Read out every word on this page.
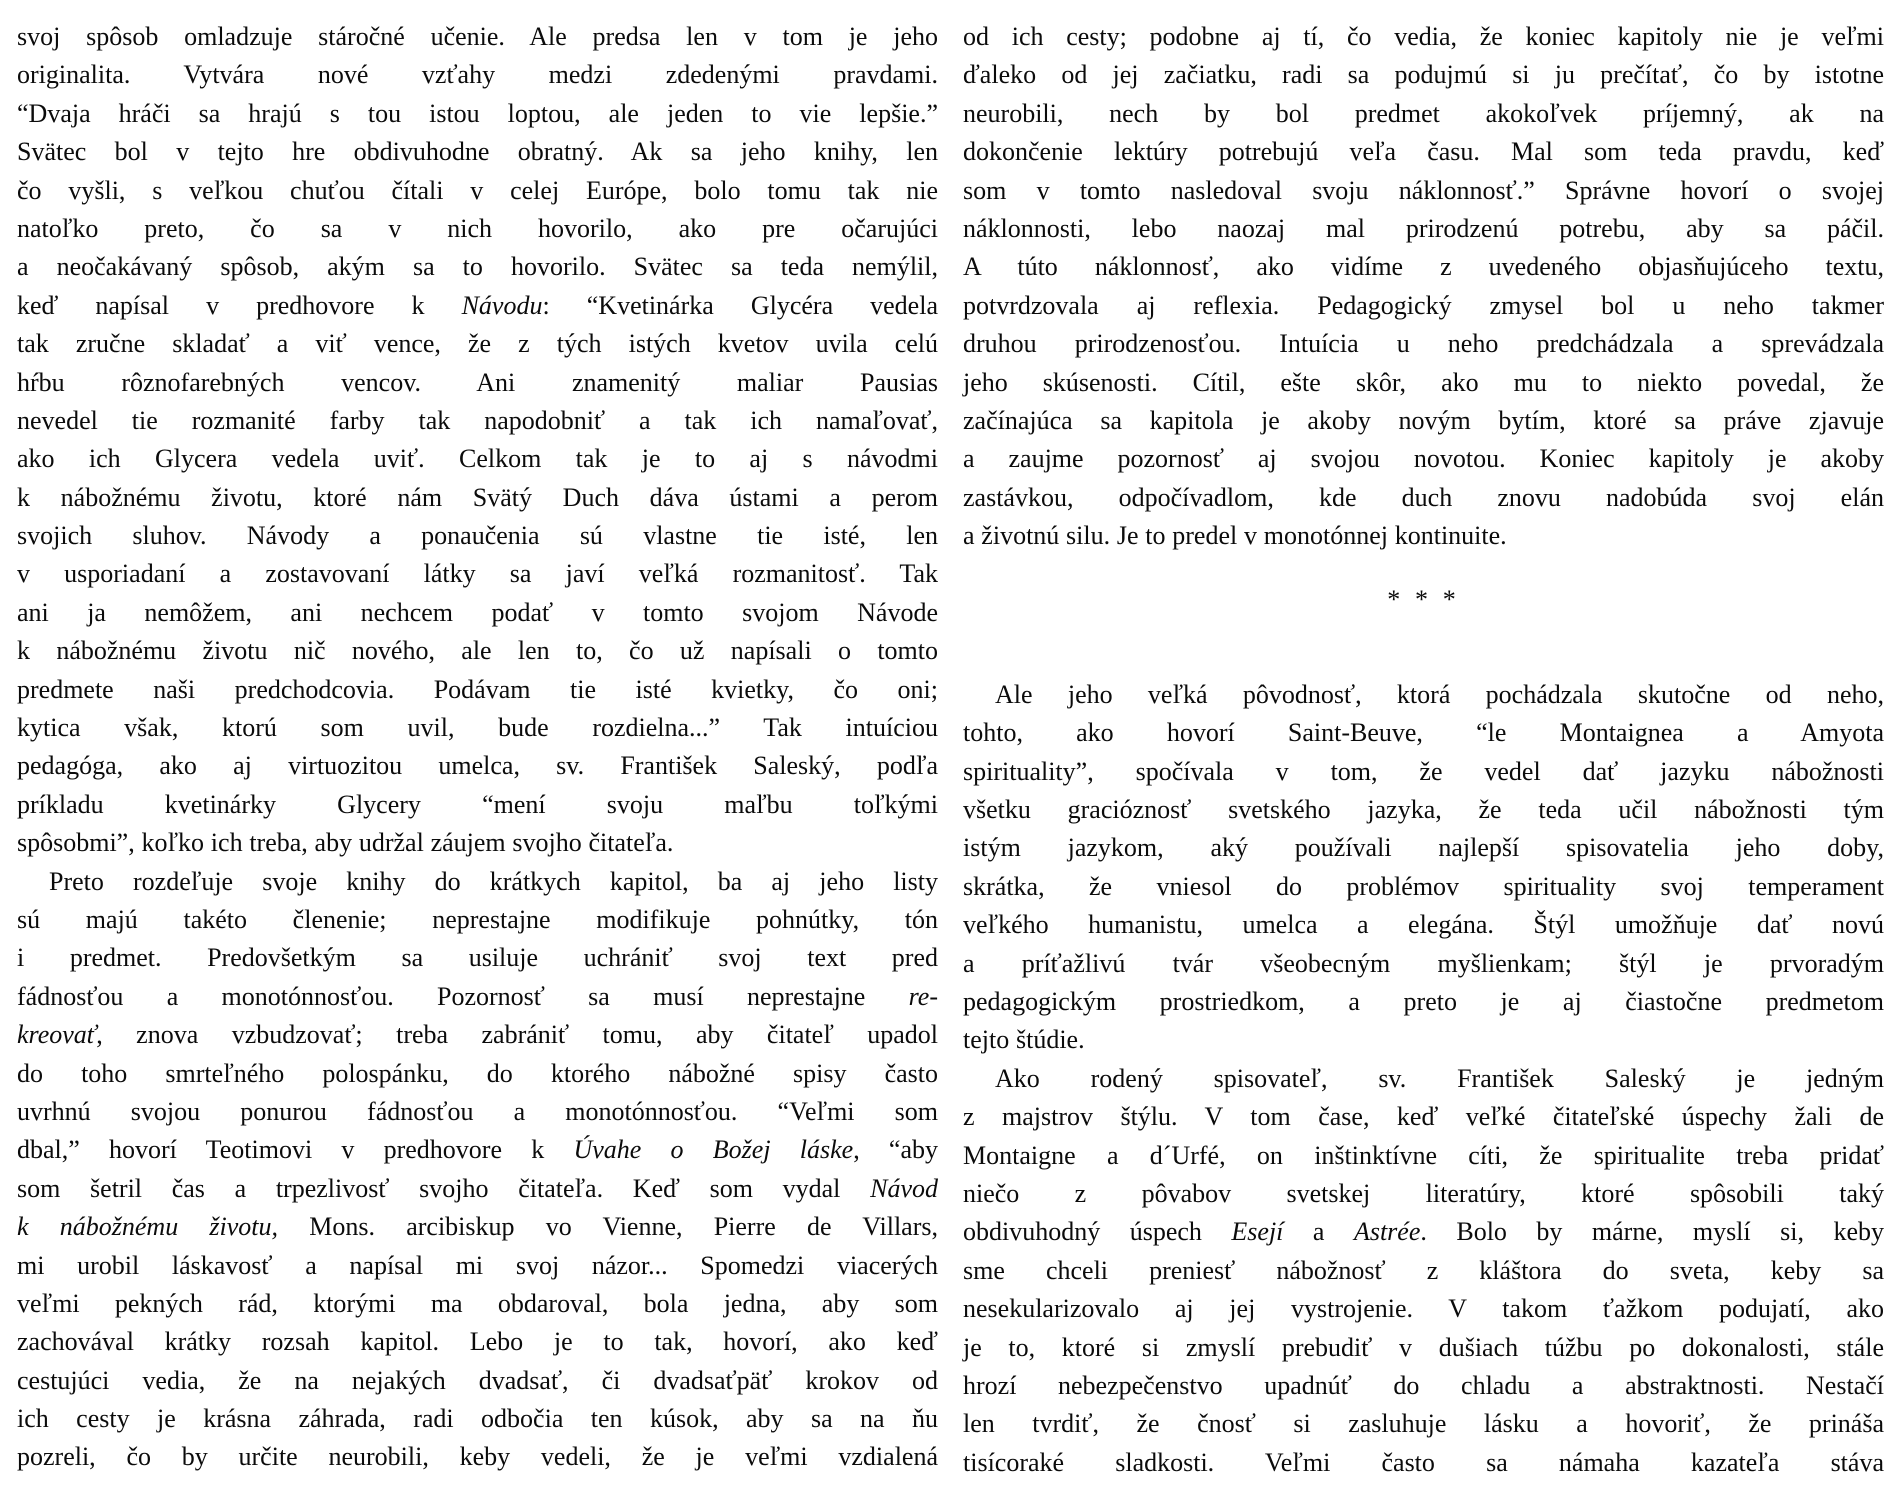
svoj spôsob omladzuje stáročné učenie. Ale predsa len v tom je jeho
originalita. Vytvára nové vzťahy medzi zdedenými pravdami.
“Dvaja hráči sa hrajú s tou istou loptou, ale jeden to vie lepšie.”
Svätec bol v tejto hre obdivuhodne obratný. Ak sa jeho knihy, len
čo vyšli, s veľkou chuťou čítali v celej Európe, bolo tomu tak nie
natoľko preto, čo sa v nich hovorilo, ako pre očarujúci
a neočakávaný spôsob, akým sa to hovorilo. Svätec sa teda nemýlil,
keď napísal v predhovore k Návodu: “Kvetinárka Glycéra vedela
tak zručne skladať a viť vence, že z tých istých kvetov uvila celú
hŕbu rôznofarebných vencov. Ani znamenitý maliar Pausias
nevedel tie rozmanité farby tak napodobniť a tak ich namaľovať,
ako ich Glycera vedela uviť. Celkom tak je to aj s návodmi
k nábožnému životu, ktoré nám Svätý Duch dáva ústami a perom
svojich sluhov. Návody a ponaučenia sú vlastne tie isté, len
v usporiadaní a zostavovaní látky sa javí veľká rozmanitosť. Tak
ani ja nemôžem, ani nechcem podať v tomto svojom Návode
k nábožnému životu nič nového, ale len to, čo už napísali o tomto
predmete naši predchodcovia. Podávam tie isté kvietky, čo oni;
kytica však, ktorú som uvil, bude rozdielna...” Tak intuíciou
pedagóga, ako aj virtuozitou umelca, sv. František Saleský, podľa
príkladu kvetinárky Glycery “mení svoju maľbu toľkými
spôsobmi”, koľko ich treba, aby udržal záujem svojho čitateľa.
Preto rozdeľuje svoje knihy do krátkych kapitol, ba aj jeho listy
sú majú takéto členenie; neprestajne modifikuje pohnútky, tón
i predmet. Predovšetkým sa usiluje uchrániť svoj text pred
fádnosťou a monotónnosťou. Pozornosť sa musí neprestajne re-
kreovať, znova vzbudzovať; treba zabrániť tomu, aby čitateľ upadol
do toho smrteľného polospánku, do ktorého nábožné spisy často
uvrhnú svojou ponurou fádnosťou a monotónnosťou. “Veľmi som
dbal,” hovorí Teotimovi v predhovore k Úvahe o Božej láske, “aby
som šetril čas a trpezlivosť svojho čitateľa. Keď som vydal Návod
k nábožnému životu, Mons. arcibiskup vo Vienne, Pierre de Villars,
mi urobil láskavosť a napísal mi svoj názor... Spomedzi viacerých
veľmi pekných rád, ktorými ma obdaroval, bola jedna, aby som
zachovával krátky rozsah kapitol. Lebo je to tak, hovorí, ako keď
cestujúci vedia, že na nejakých dvadsať, či dvadsaťpäť krokov od
ich cesty je krásna záhrada, radi odbočia ten kúsok, aby sa na ňu
pozreli, čo by určite neurobili, keby vedeli, že je veľmi vzdialená
od ich cesty; podobne aj tí, čo vedia, že koniec kapitoly nie je veľmi
ďaleko od jej začiatku, radi sa podujmú si ju prečítať, čo by istotne
neurobili, nech by bol predmet akokoľvek príjemný, ak na
dokončenie lektúry potrebujú veľa času. Mal som teda pravdu, keď
som v tomto nasledoval svoju náklonnosť.” Správne hovorí o svojej
náklonnosti, lebo naozaj mal prirodzenú potrebu, aby sa páčil.
A túto náklonnosť, ako vidíme z uvedeného objasňujúceho textu,
potvrdzovala aj reflexia. Pedagogický zmysel bol u neho takmer
druhou prirodzenosťou. Intuícia u neho predchádzala a sprevádzala
jeho skúsenosti. Cítil, ešte skôr, ako mu to niekto povedal, že
začínajúca sa kapitola je akoby novým bytím, ktoré sa práve zjavuje
a zaujme pozornosť aj svojou novotou. Koniec kapitoly je akoby
zastávkou, odpočívadlom, kde duch znovu nadobúda svoj elán
a životnú silu. Je to predel v monotónnej kontinuite.
* * *
Ale jeho veľká pôvodnosť, ktorá pochádzala skutočne od neho,
tohto, ako hovorí Saint-Beuve, “le Montaignea a Amyota
spirituality”, spočívala v tom, že vedel dať jazyku nábožnosti
všetku gracióznosť svetského jazyka, že teda učil nábožnosti tým
istým jazykom, aký používali najlepší spisovatelia jeho doby,
skrátka, že vniesol do problémov spirituality svoj temperament
veľkého humanistu, umelca a elegána. Štýl umožňuje dať novú
a príťažlivú tvár všeobecným myšlienkam; štýl je prvoradým
pedagogickým prostriedkom, a preto je aj čiastočne predmetom
tejto štúdie.
Ako rodený spisovateľ, sv. František Saleský je jedným
z majstrov štýlu. V tom čase, keď veľké čitateľské úspechy žali de
Montaigne a d´Urfé, on inštinktívne cíti, že spiritualite treba pridať
niečo z pôvabov svetskej literatúry, ktoré spôsobili taký
obdivuhodný úspech Esejí a Astrée. Bolo by márne, myslí si, keby
sme chceli preniesť nábožnosť z kláštora do sveta, keby sa
nesekularizovalo aj jej vystrojenie. V takom ťažkom podujatí, ako
je to, ktoré si zmyslí prebudiť v dušiach túžbu po dokonalosti, stále
hrozí nebezpečenstvo upadnúť do chladu a abstraktnosti. Nestačí
len tvrdiť, že čnosť si zasluhuje lásku a hovoriť, že prináša
tisícoraké sladkosti. Veľmi často sa námaha kazateľa stáva
